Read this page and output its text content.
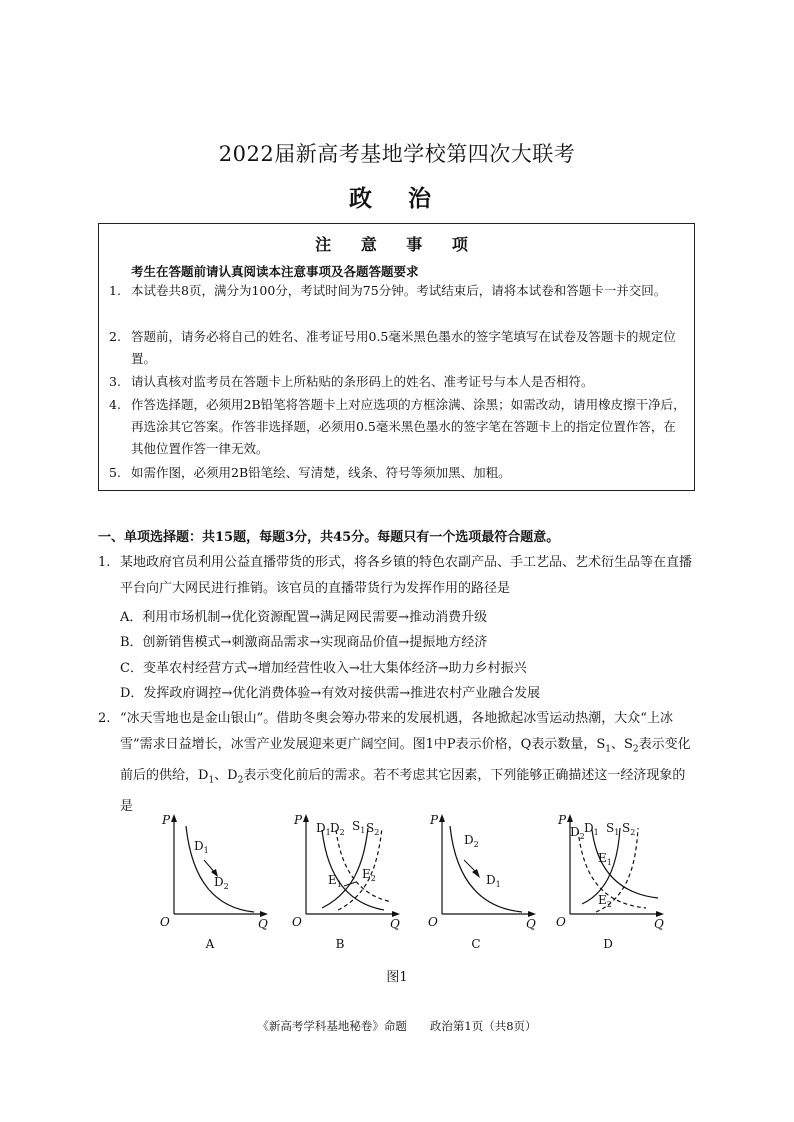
2022届新高考基地学校第四次大联考
政 治
注 意 事 项
考生在答题前请认真阅读本注意事项及各题答题要求
1. 本试卷共8页，满分为100分，考试时间为75分钟。考试结束后，请将本试卷和答题卡一并交回。
2. 答题前，请务必将自己的姓名、准考证号用0.5毫米黑色墨水的签字笔填写在试卷及答题卡的规定位置。
3. 请认真核对监考员在答题卡上所粘贴的条形码上的姓名、准考证号与本人是否相符。
4. 作答选择题，必须用2B铅笔将答题卡上对应选项的方框涂满、涂黑；如需改动，请用橡皮擦干净后，再选涂其它答案。作答非选择题，必须用0.5毫米黑色墨水的签字笔在答题卡上的指定位置作答，在其他位置作答一律无效。
5. 如需作图，必须用2B铅笔绘、写清楚，线条、符号等须加黑、加粗。
一、单项选择题：共15题，每题3分，共45分。每题只有一个选项最符合题意。
1. 某地政府官员利用公益直播带货的形式，将各乡镇的特色农副产品、手工艺品、艺术衍生品等在直播平台向广大网民进行推销。该官员的直播带货行为发挥作用的路径是
A．利用市场机制→优化资源配置→满足网民需要→推动消费升级
B．创新销售模式→刺激商品需求→实现商品价值→提振地方经济
C．变革农村经营方式→增加经营性收入→壮大集体经济→助力乡村振兴
D．发挥政府调控→优化消费体验→有效对接供需→推进农村产业融合发展
2. “冰天雪地也是金山银山”。借助冬奥会筹办带来的发展机遇，各地掀起冰雪运动热潮，大众“上冰雪”需求日益增长，冰雪产业发展迎来更广阔空间。图1中P表示价格，Q表示数量，$S_1$、$S_2$表示变化前后的供给，$D_1$、$D_2$表示变化前后的需求。若不考虑其它因素，下列能够正确描述这一经济现象的是
P
O	Q
$D_1$
$D_2$
A
P
O	Q
$D_1$ $D_2$ $S_1$ $S_2$
$E_1$
$E_2$
B
P
O	Q
$D_2$
$D_1$
C
P
O	Q
$D_2$
$D_1$ $S_1$ $S_2$
$E_1$
$E_2$
D
图1
《新高考学科基地秘卷》命题　　政治第1页（共8页）
